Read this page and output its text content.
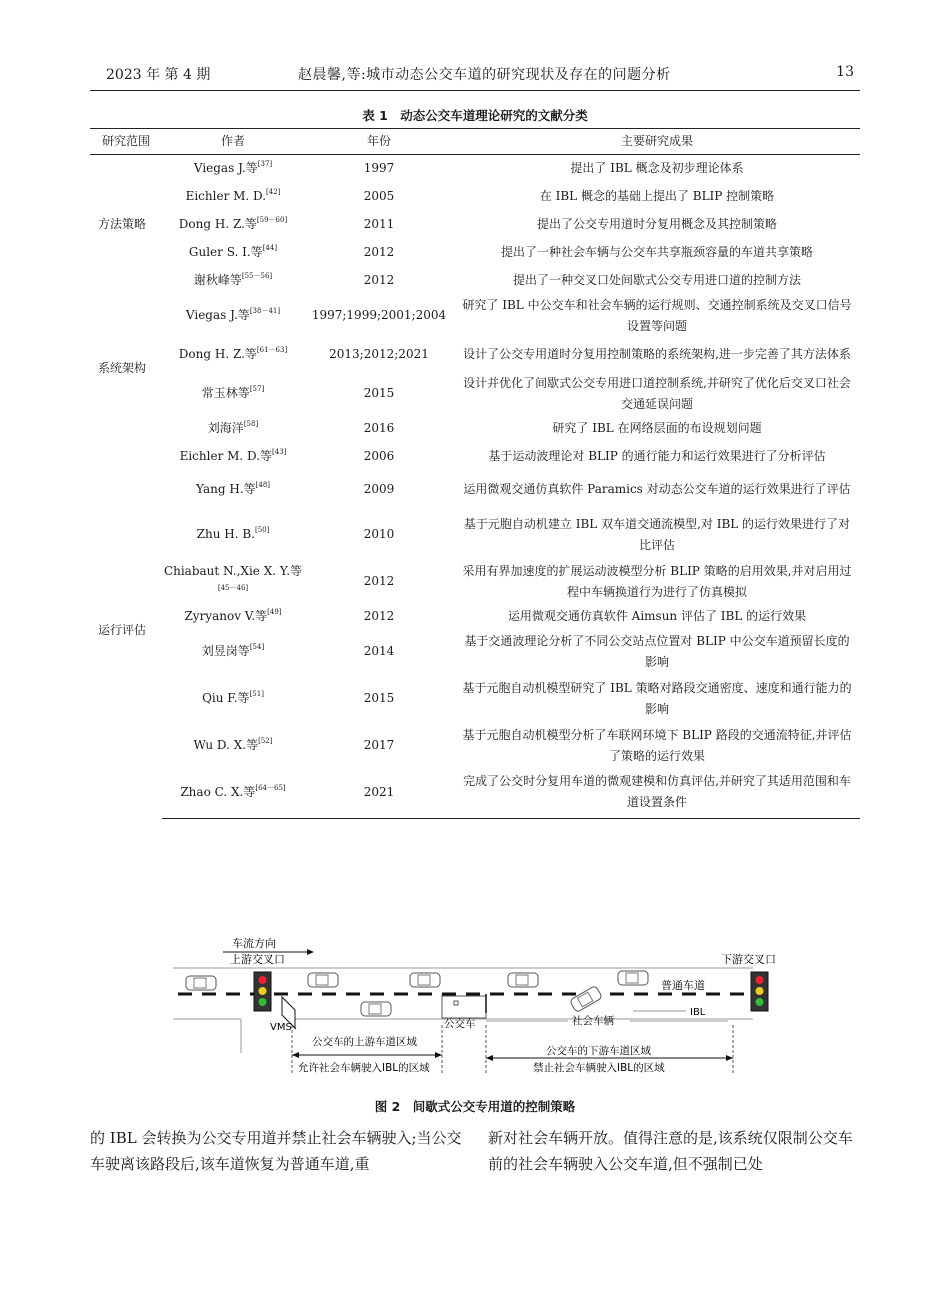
2023 年 第 4 期	赵晨馨,等:城市动态公交车道的研究现状及存在的问题分析	13
表 1　动态公交车道理论研究的文献分类
研究范围	作者	年份	主要研究成果
方法策略	Viegas J.等[37]	1997	提出了 IBL 概念及初步理论体系
	Eichler M. D.[42]	2005	在 IBL 概念的基础上提出了 BLIP 控制策略
	Dong H. Z.等[59－60]	2011	提出了公交专用道时分复用概念及其控制策略
	Guler S. I.等[44]	2012	提出了一种社会车辆与公交车共享瓶颈容量的车道共享策略
	谢秋峰等[55－56]	2012	提出了一种交叉口处间歇式公交专用进口道的控制方法
系统架构	Viegas J.等[38－41]	1997;1999;2001;2004	研究了 IBL 中公交车和社会车辆的运行规则、交通控制系统及交叉口信号设置等问题
	Dong H. Z.等[61－63]	2013;2012;2021	设计了公交专用道时分复用控制策略的系统架构,进一步完善了其方法体系
	常玉林等[57]	2015	设计并优化了间歇式公交专用进口道控制系统,并研究了优化后交叉口社会交通延误问题
	刘海洋[58]	2016	研究了 IBL 在网络层面的布设规划问题
运行评估	Eichler M. D.等[43]	2006	基于运动波理论对 BLIP 的通行能力和运行效果进行了分析评估
	Yang H.等[48]	2009	运用微观交通仿真软件 Paramics 对动态公交车道的运行效果进行了评估
	Zhu H. B.[50]	2010	基于元胞自动机建立 IBL 双车道交通流模型,对 IBL 的运行效果进行了对比评估
	Chiabaut N.,Xie X. Y.等[45－46]	2012	采用有界加速度的扩展运动波模型分析 BLIP 策略的启用效果,并对启用过程中车辆换道行为进行了仿真模拟
	Zyryanov V.等[49]	2012	运用微观交通仿真软件 Aimsun 评估了 IBL 的运行效果
	刘昱岗等[54]	2014	基于交通波理论分析了不同公交站点位置对 BLIP 中公交车道预留长度的影响
	Qiu F.等[51]	2015	基于元胞自动机模型研究了 IBL 策略对路段交通密度、速度和通行能力的影响
	Wu D. X.等[52]	2017	基于元胞自动机模型分析了车联网环境下 BLIP 路段的交通流特征,并评估了策略的运行效果
	Zhao C. X.等[64－65]	2021	完成了公交时分复用车道的微观建模和仿真评估,并研究了其适用范围和车道设置条件
车流方向
上游交叉口	下游交叉口
VMS
普通车道
IBL
公交车	社会车辆
公交车的上游车道区域
允许社会车辆驶入IBL的区域
公交车的下游车道区域
禁止社会车辆驶入IBL的区域
图 2　间歇式公交专用道的控制策略
的 IBL 会转换为公交专用道并禁止社会车辆驶入;当公交车驶离该路段后,该车道恢复为普通车道,重
新对社会车辆开放。值得注意的是,该系统仅限制公交车前的社会车辆驶入公交车道,但不强制已处
